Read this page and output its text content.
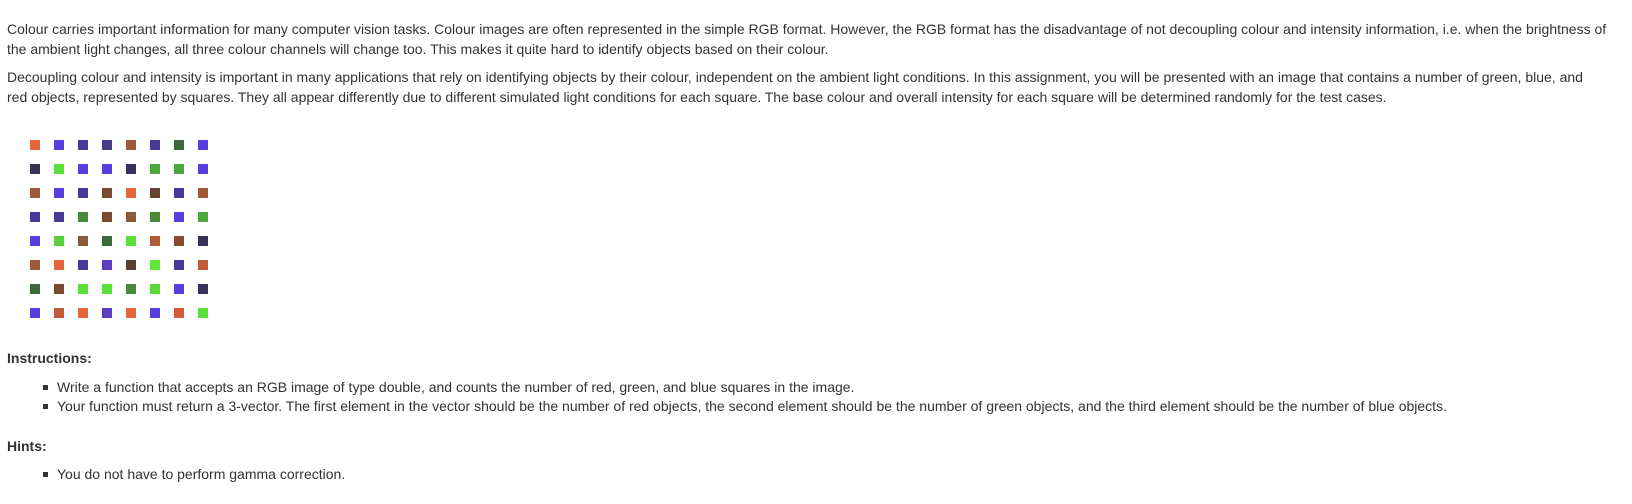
Colour carries important information for many computer vision tasks. Colour images are often represented in the simple RGB format. However, the RGB format has the disadvantage of not decoupling colour and intensity information, i.e. when the brightness of the ambient light changes, all three colour channels will change too. This makes it quite hard to identify objects based on their colour.

Decoupling colour and intensity is important in many applications that rely on identifying objects by their colour, independent on the ambient light conditions. In this assignment, you will be presented with an image that contains a number of green, blue, and red objects, represented by squares. They all appear differently due to different simulated light conditions for each square. The base colour and overall intensity for each square will be determined randomly for the test cases.

Instructions:
Write a function that accepts an RGB image of type double, and counts the number of red, green, and blue squares in the image.
Your function must return a 3-vector. The first element in the vector should be the number of red objects, the second element should be the number of green objects, and the third element should be the number of blue objects.
Hints:
You do not have to perform gamma correction.
